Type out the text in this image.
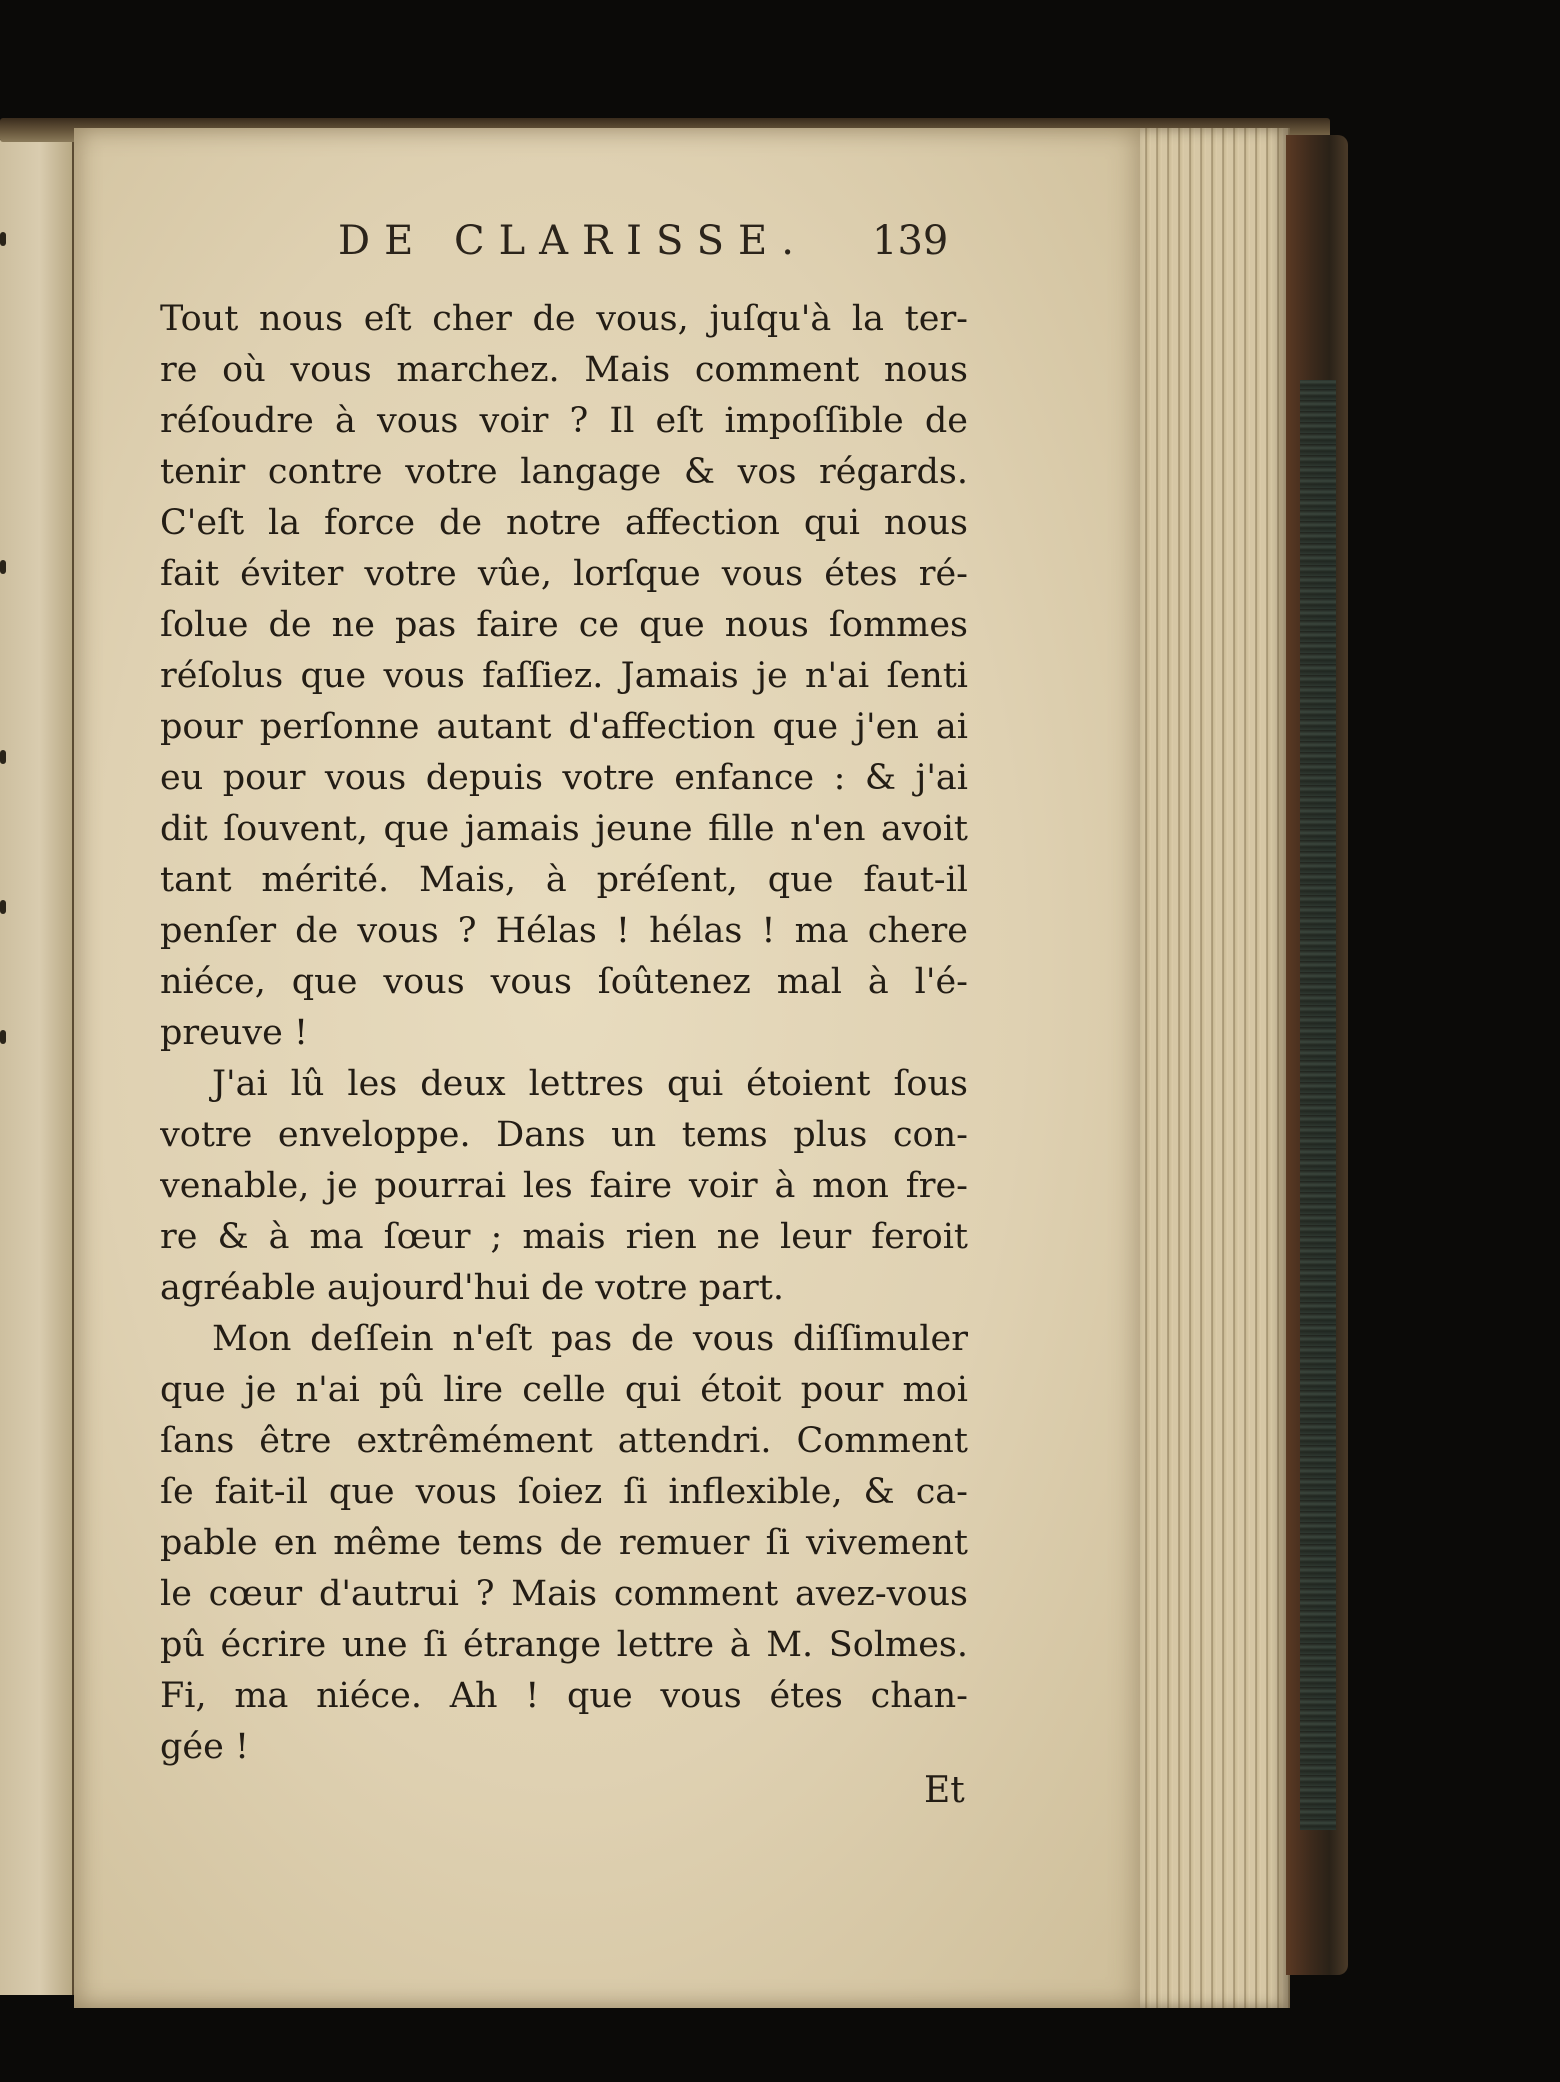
DE CLARISSE. 139
Tout nous eſt cher de vous, juſqu'à la ter-
re où vous marchez. Mais comment nous
réſoudre à vous voir ? Il eſt impoſſible de
tenir contre votre langage & vos régards.
C'eſt la force de notre affection qui nous
fait éviter votre vûe, lorſque vous étes ré-
ſolue de ne pas faire ce que nous ſommes
réſolus que vous faſſiez. Jamais je n'ai ſenti
pour perſonne autant d'affection que j'en ai
eu pour vous depuis votre enfance : & j'ai
dit ſouvent, que jamais jeune fille n'en avoit
tant mérité. Mais, à préſent, que faut-il
penſer de vous ? Hélas ! hélas ! ma chere
niéce, que vous vous ſoûtenez mal à l'é-
preuve !
J'ai lû les deux lettres qui étoient ſous
votre enveloppe. Dans un tems plus con-
venable, je pourrai les faire voir à mon fre-
re & à ma ſœur ; mais rien ne leur feroit
agréable aujourd'hui de votre part.
Mon deſſein n'eſt pas de vous diſſimuler
que je n'ai pû lire celle qui étoit pour moi
ſans être extrêmément attendri. Comment
ſe fait-il que vous ſoiez ſi inflexible, & ca-
pable en même tems de remuer ſi vivement
le cœur d'autrui ? Mais comment avez-vous
pû écrire une ſi étrange lettre à M. Solmes.
Fi, ma niéce. Ah ! que vous étes chan-
gée !
Et
